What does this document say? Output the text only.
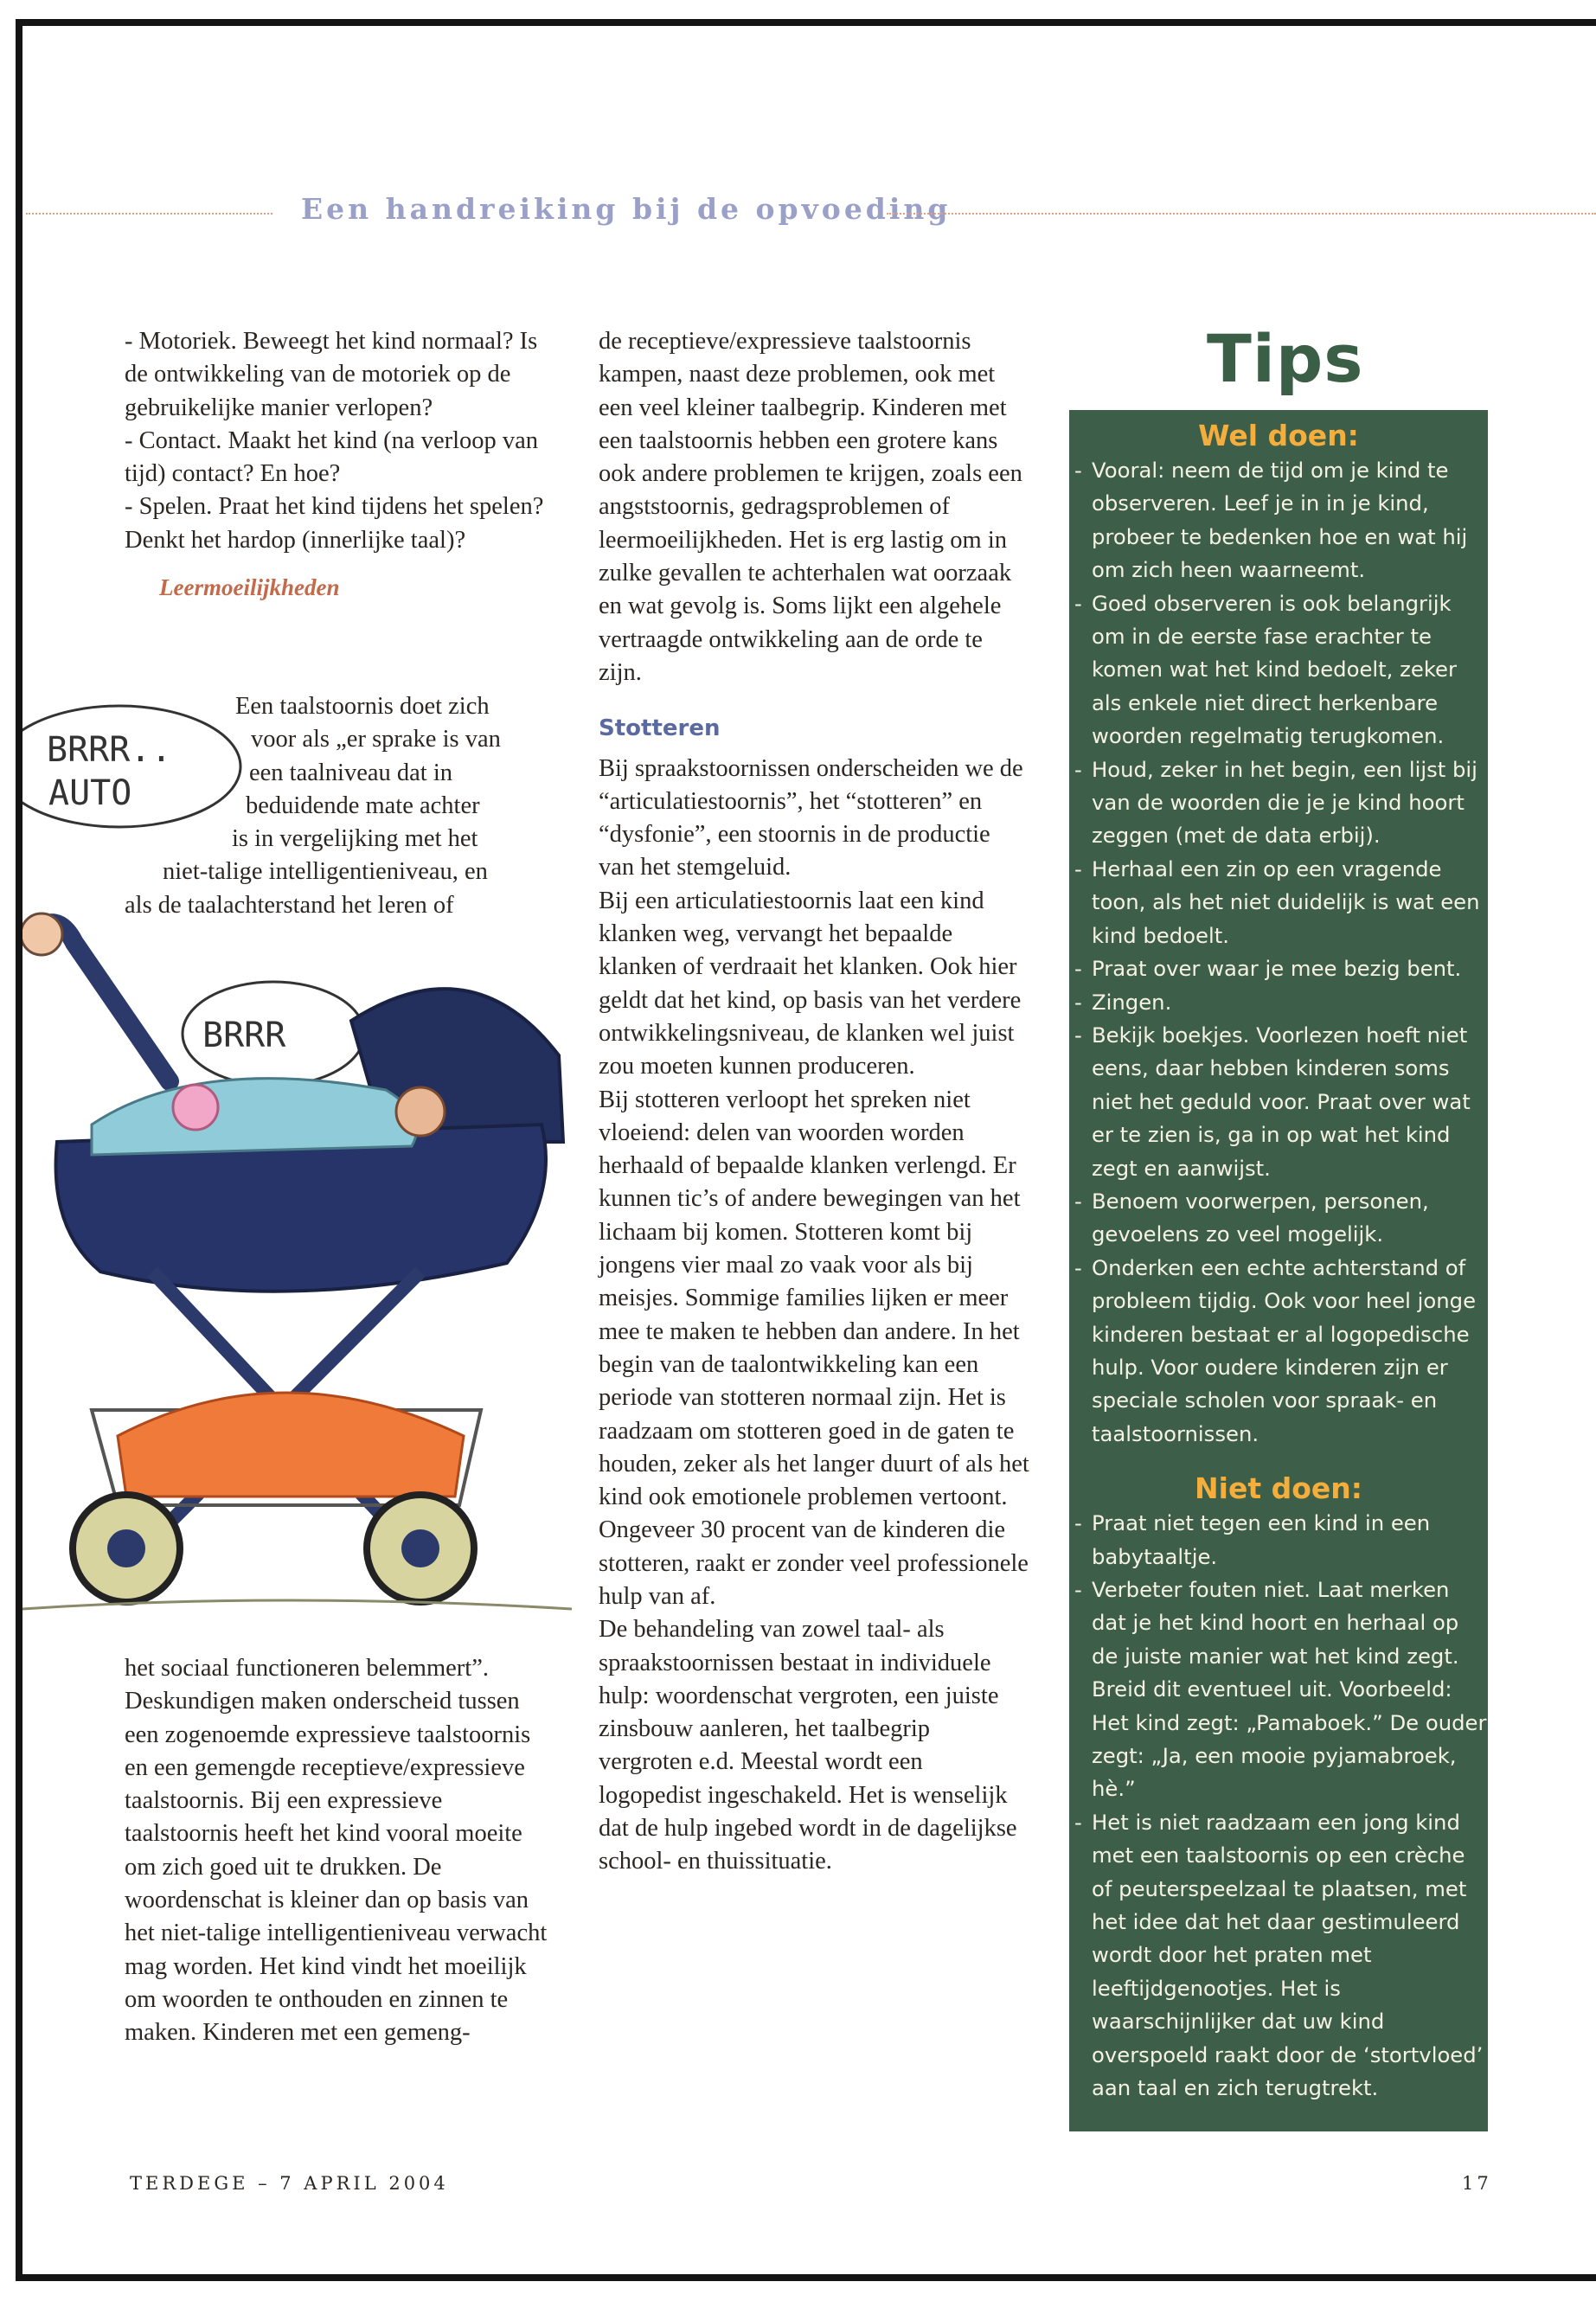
Een handreiking bij de opvoeding

- Motoriek. Beweegt het kind normaal? Is de ontwikkeling van de motoriek op de gebruikelijke manier verlopen?
- Contact. Maakt het kind (na verloop van tijd) contact? En hoe?
- Spelen. Praat het kind tijdens het spelen? Denkt het hardop (innerlijke taal)?

Leermoeilijkheden
Een taalstoornis doet zich
voor als „er sprake is van
een taalniveau dat in
beduidende mate achter
is in vergelijking met het
niet-talige intelligentieniveau, en
als de taalachterstand het leren of
BRRR..
AUTO
BRRR

het sociaal functioneren belemmert”. Deskundigen maken onderscheid tussen een zogenoemde expressieve taalstoornis en een gemengde receptieve/expressieve taalstoornis. Bij een expressieve taalstoornis heeft het kind vooral moeite om zich goed uit te drukken. De woordenschat is kleiner dan op basis van het niet-talige intelligentieniveau verwacht mag worden. Het kind vindt het moeilijk om woorden te onthouden en zinnen te maken. Kinderen met een gemeng-

de receptieve/expressieve taalstoornis kampen, naast deze problemen, ook met een veel kleiner taalbegrip. Kinderen met een taalstoornis hebben een grotere kans ook andere problemen te krijgen, zoals een angststoornis, gedragsproblemen of leermoeilijkheden. Het is erg lastig om in zulke gevallen te achterhalen wat oorzaak en wat gevolg is. Soms lijkt een algehele vertraagde ontwikkeling aan de orde te zijn.

Stotteren

Bij spraakstoornissen onderscheiden we de “articulatiestoornis”, het “stotteren” en “dysfonie”, een stoornis in de productie van het stemgeluid.

Bij een articulatiestoornis laat een kind klanken weg, vervangt het bepaalde klanken of verdraait het klanken. Ook hier geldt dat het kind, op basis van het verdere ontwikkelingsniveau, de klanken wel juist zou moeten kunnen produceren.

Bij stotteren verloopt het spreken niet vloeiend: delen van woorden worden herhaald of bepaalde klanken verlengd. Er kunnen tic’s of andere bewegingen van het lichaam bij komen. Stotteren komt bij jongens vier maal zo vaak voor als bij meisjes. Sommige families lijken er meer mee te maken te hebben dan andere. In het begin van de taalontwikkeling kan een periode van stotteren normaal zijn. Het is raadzaam om stotteren goed in de gaten te houden, zeker als het langer duurt of als het kind ook emotionele problemen vertoont. Ongeveer 30 procent van de kinderen die stotteren, raakt er zonder veel professionele hulp van af.

De behandeling van zowel taal- als spraakstoornissen bestaat in individuele hulp: woordenschat vergroten, een juiste zinsbouw aanleren, het taalbegrip vergroten e.d. Meestal wordt een logopedist ingeschakeld. Het is wenselijk dat de hulp ingebed wordt in de dagelijkse school- en thuissituatie.

Tips
Wel doen:
- Vooral: neem de tijd om je kind te observeren. Leef je in in je kind, probeer te bedenken hoe en wat hij om zich heen waarneemt.
- Goed observeren is ook belangrijk om in de eerste fase erachter te komen wat het kind bedoelt, zeker als enkele niet direct herkenbare woorden regelmatig terugkomen.
- Houd, zeker in het begin, een lijst bij van de woorden die je je kind hoort zeggen (met de data erbij).
- Herhaal een zin op een vragende toon, als het niet duidelijk is wat een kind bedoelt.
- Praat over waar je mee bezig bent.
- Zingen.
- Bekijk boekjes. Voorlezen hoeft niet eens, daar hebben kinderen soms niet het geduld voor. Praat over wat er te zien is, ga in op wat het kind zegt en aanwijst.
- Benoem voorwerpen, personen, gevoelens zo veel mogelijk.
- Onderken een echte achterstand of probleem tijdig. Ook voor heel jonge kinderen bestaat er al logopedische hulp. Voor oudere kinderen zijn er speciale scholen voor spraak- en taalstoornissen.
Niet doen:
- Praat niet tegen een kind in een babytaaltje.
- Verbeter fouten niet. Laat merken dat je het kind hoort en herhaal op de juiste manier wat het kind zegt. Breid dit eventueel uit. Voorbeeld: Het kind zegt: „Pamaboek.” De ouder zegt: „Ja, een mooie pyjamabroek, hè.”
- Het is niet raadzaam een jong kind met een taalstoornis op een crèche of peuterspeelzaal te plaatsen, met het idee dat het daar gestimuleerd wordt door het praten met leeftijdgenootjes. Het is waarschijnlijker dat uw kind overspoeld raakt door de ‘stortvloed’ aan taal en zich terugtrekt.
TERDEGE – 7 APRIL 2004	17
